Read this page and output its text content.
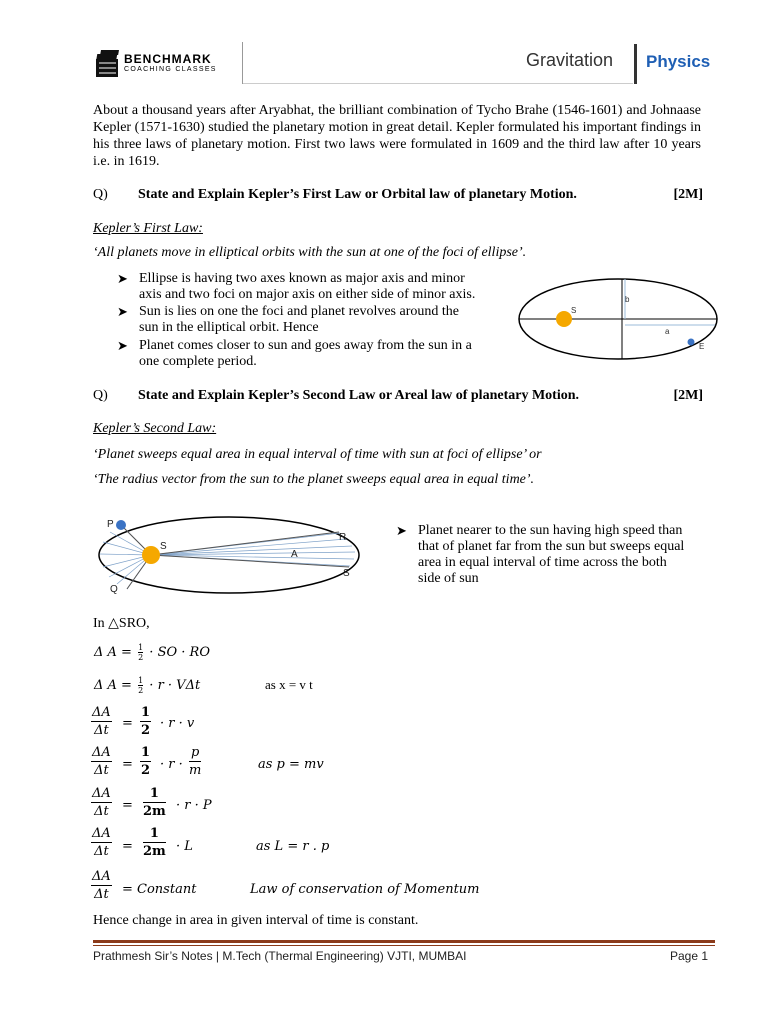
BENCHMARK
COACHING CLASSES	Gravitation Physics
About a thousand years after Aryabhat, the brilliant combination of Tycho Brahe (1546-1601) and Johnaase Kepler (1571-1630) studied the planetary motion in great detail. Kepler formulated his important findings in his three laws of planetary motion. First two laws were formulated in 1609 and the third law after 10 years i.e. in 1619.
Q) State and Explain Kepler’s First Law or Orbital law of planetary Motion.	[2M]
Kepler’s First Law:
‘All planets move in elliptical orbits with the sun at one of the foci of ellipse’.
➤ Ellipse is having two axes known as major axis and minor
axis and two foci on major axis on either side of minor axis.
➤ Sun is lies on one the foci and planet revolves around the
sun in the elliptical orbit. Hence
➤ Planet comes closer to sun and goes away from the sun in a
one complete period.
S
b
a
E
Q) State and Explain Kepler’s Second Law or Areal law of planetary Motion.	[2M]
Kepler’s Second Law:
‘Planet sweeps equal area in equal interval of time with sun at foci of ellipse’ or
‘The radius vector from the sun to the planet sweeps equal area in equal time’.
P
S
Q
R
A
S
➤ Planet nearer to the sun having high speed than
that of planet far from the sun but sweeps equal
area in equal interval of time across the both
side of sun
In △SRO,
Δ $A = \frac{1}{2}$ · SO · RO
Δ $A = \frac{1}{2} \cdot r \cdot V\Delta t$	as x = v t
$\frac{\Delta A}{\Delta t} = \frac{1}{2} \cdot r \cdot v$
$\frac{\Delta A}{\Delta t} = \frac{1}{2} \cdot r \cdot \frac{p}{m}$	as p = mv
$\frac{\Delta A}{\Delta t} = \frac{1}{2m} \cdot r \cdot P$
$\frac{\Delta A}{\Delta t} = \frac{1}{2m} \cdot L$	as L = r . p
$\frac{\Delta A}{\Delta t}$ = Constant	Law of conservation of Momentum
Hence change in area in given interval of time is constant.
Prathmesh Sir’s Notes | M.Tech (Thermal Engineering) VJTI, MUMBAI	Page 1
